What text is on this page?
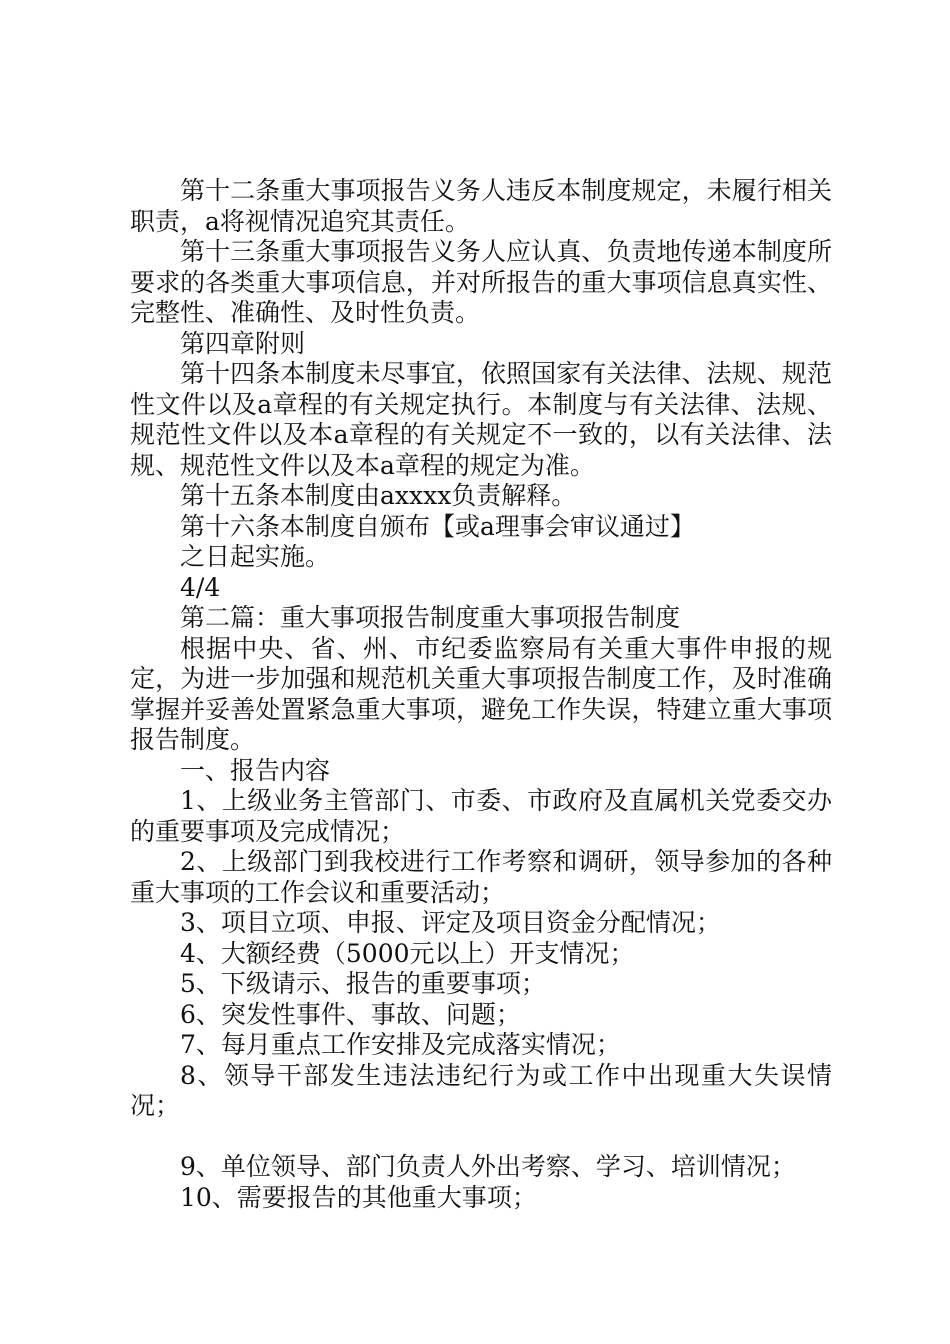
第十二条重大事项报告义务人违反本制度规定，未履行相关职责，a将视情况追究其责任。

第十三条重大事项报告义务人应认真、负责地传递本制度所要求的各类重大事项信息，并对所报告的重大事项信息真实性、完整性、准确性、及时性负责。

第四章附则

第十四条本制度未尽事宜，依照国家有关法律、法规、规范性文件以及a章程的有关规定执行。本制度与有关法律、法规、规范性文件以及本a章程的有关规定不一致的，以有关法律、法规、规范性文件以及本a章程的规定为准。

第十五条本制度由axxxx负责解释。

第十六条本制度自颁布【或a理事会审议通过】

之日起实施。

4/4

第二篇：重大事项报告制度重大事项报告制度

根据中央、省、州、市纪委监察局有关重大事件申报的规定，为进一步加强和规范机关重大事项报告制度工作，及时准确掌握并妥善处置紧急重大事项，避免工作失误，特建立重大事项报告制度。

一、报告内容

1、上级业务主管部门、市委、市政府及直属机关党委交办的重要事项及完成情况；

2、上级部门到我校进行工作考察和调研，领导参加的各种重大事项的工作会议和重要活动；

3、项目立项、申报、评定及项目资金分配情况；

4、大额经费（5000元以上）开支情况；

5、下级请示、报告的重要事项；

6、突发性事件、事故、问题；

7、每月重点工作安排及完成落实情况；

8、领导干部发生违法违纪行为或工作中出现重大失误情况；

9、单位领导、部门负责人外出考察、学习、培训情况；

10、需要报告的其他重大事项；
